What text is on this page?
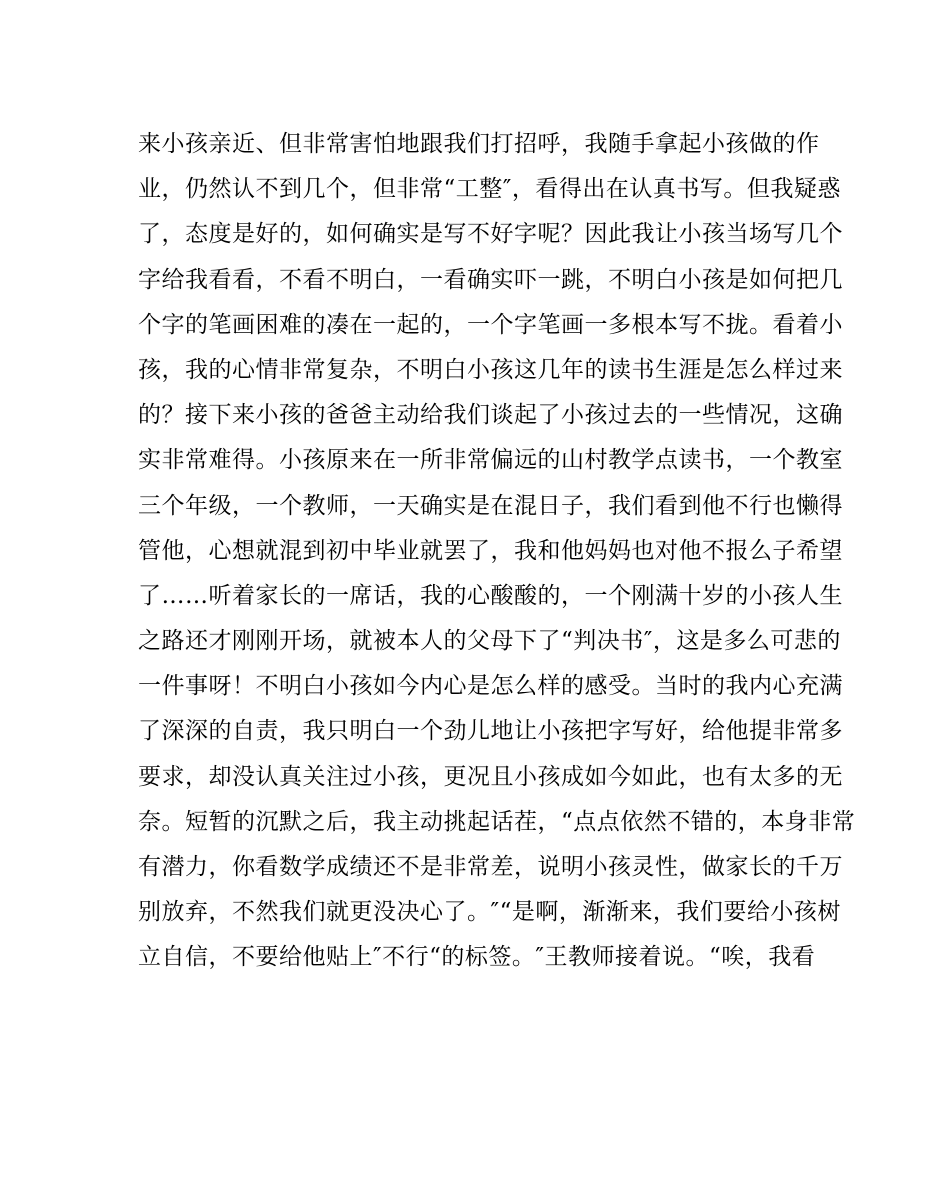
来小孩亲近、但非常害怕地跟我们打招呼，我随手拿起小孩做的作
业，仍然认不到几个，但非常“工整″，看得出在认真书写。但我疑惑
了，态度是好的，如何确实是写不好字呢？因此我让小孩当场写几个
字给我看看，不看不明白，一看确实吓一跳，不明白小孩是如何把几
个字的笔画困难的凑在一起的，一个字笔画一多根本写不拢。看着小
孩，我的心情非常复杂，不明白小孩这几年的读书生涯是怎么样过来
的？接下来小孩的爸爸主动给我们谈起了小孩过去的一些情况，这确
实非常难得。小孩原来在一所非常偏远的山村教学点读书，一个教室
三个年级，一个教师，一天确实是在混日子，我们看到他不行也懒得
管他，心想就混到初中毕业就罢了，我和他妈妈也对他不报么子希望
了……听着家长的一席话，我的心酸酸的，一个刚满十岁的小孩人生
之路还才刚刚开场，就被本人的父母下了“判决书″，这是多么可悲的
一件事呀！不明白小孩如今内心是怎么样的感受。当时的我内心充满
了深深的自责，我只明白一个劲儿地让小孩把字写好，给他提非常多
要求，却没认真关注过小孩，更况且小孩成如今如此，也有太多的无
奈。短暂的沉默之后，我主动挑起话茬，“点点依然不错的，本身非常
有潜力，你看数学成绩还不是非常差，说明小孩灵性，做家长的千万
别放弃，不然我们就更没决心了。″“是啊，渐渐来，我们要给小孩树
立自信，不要给他贴上″不行“的标签。″王教师接着说。“唉，我看
